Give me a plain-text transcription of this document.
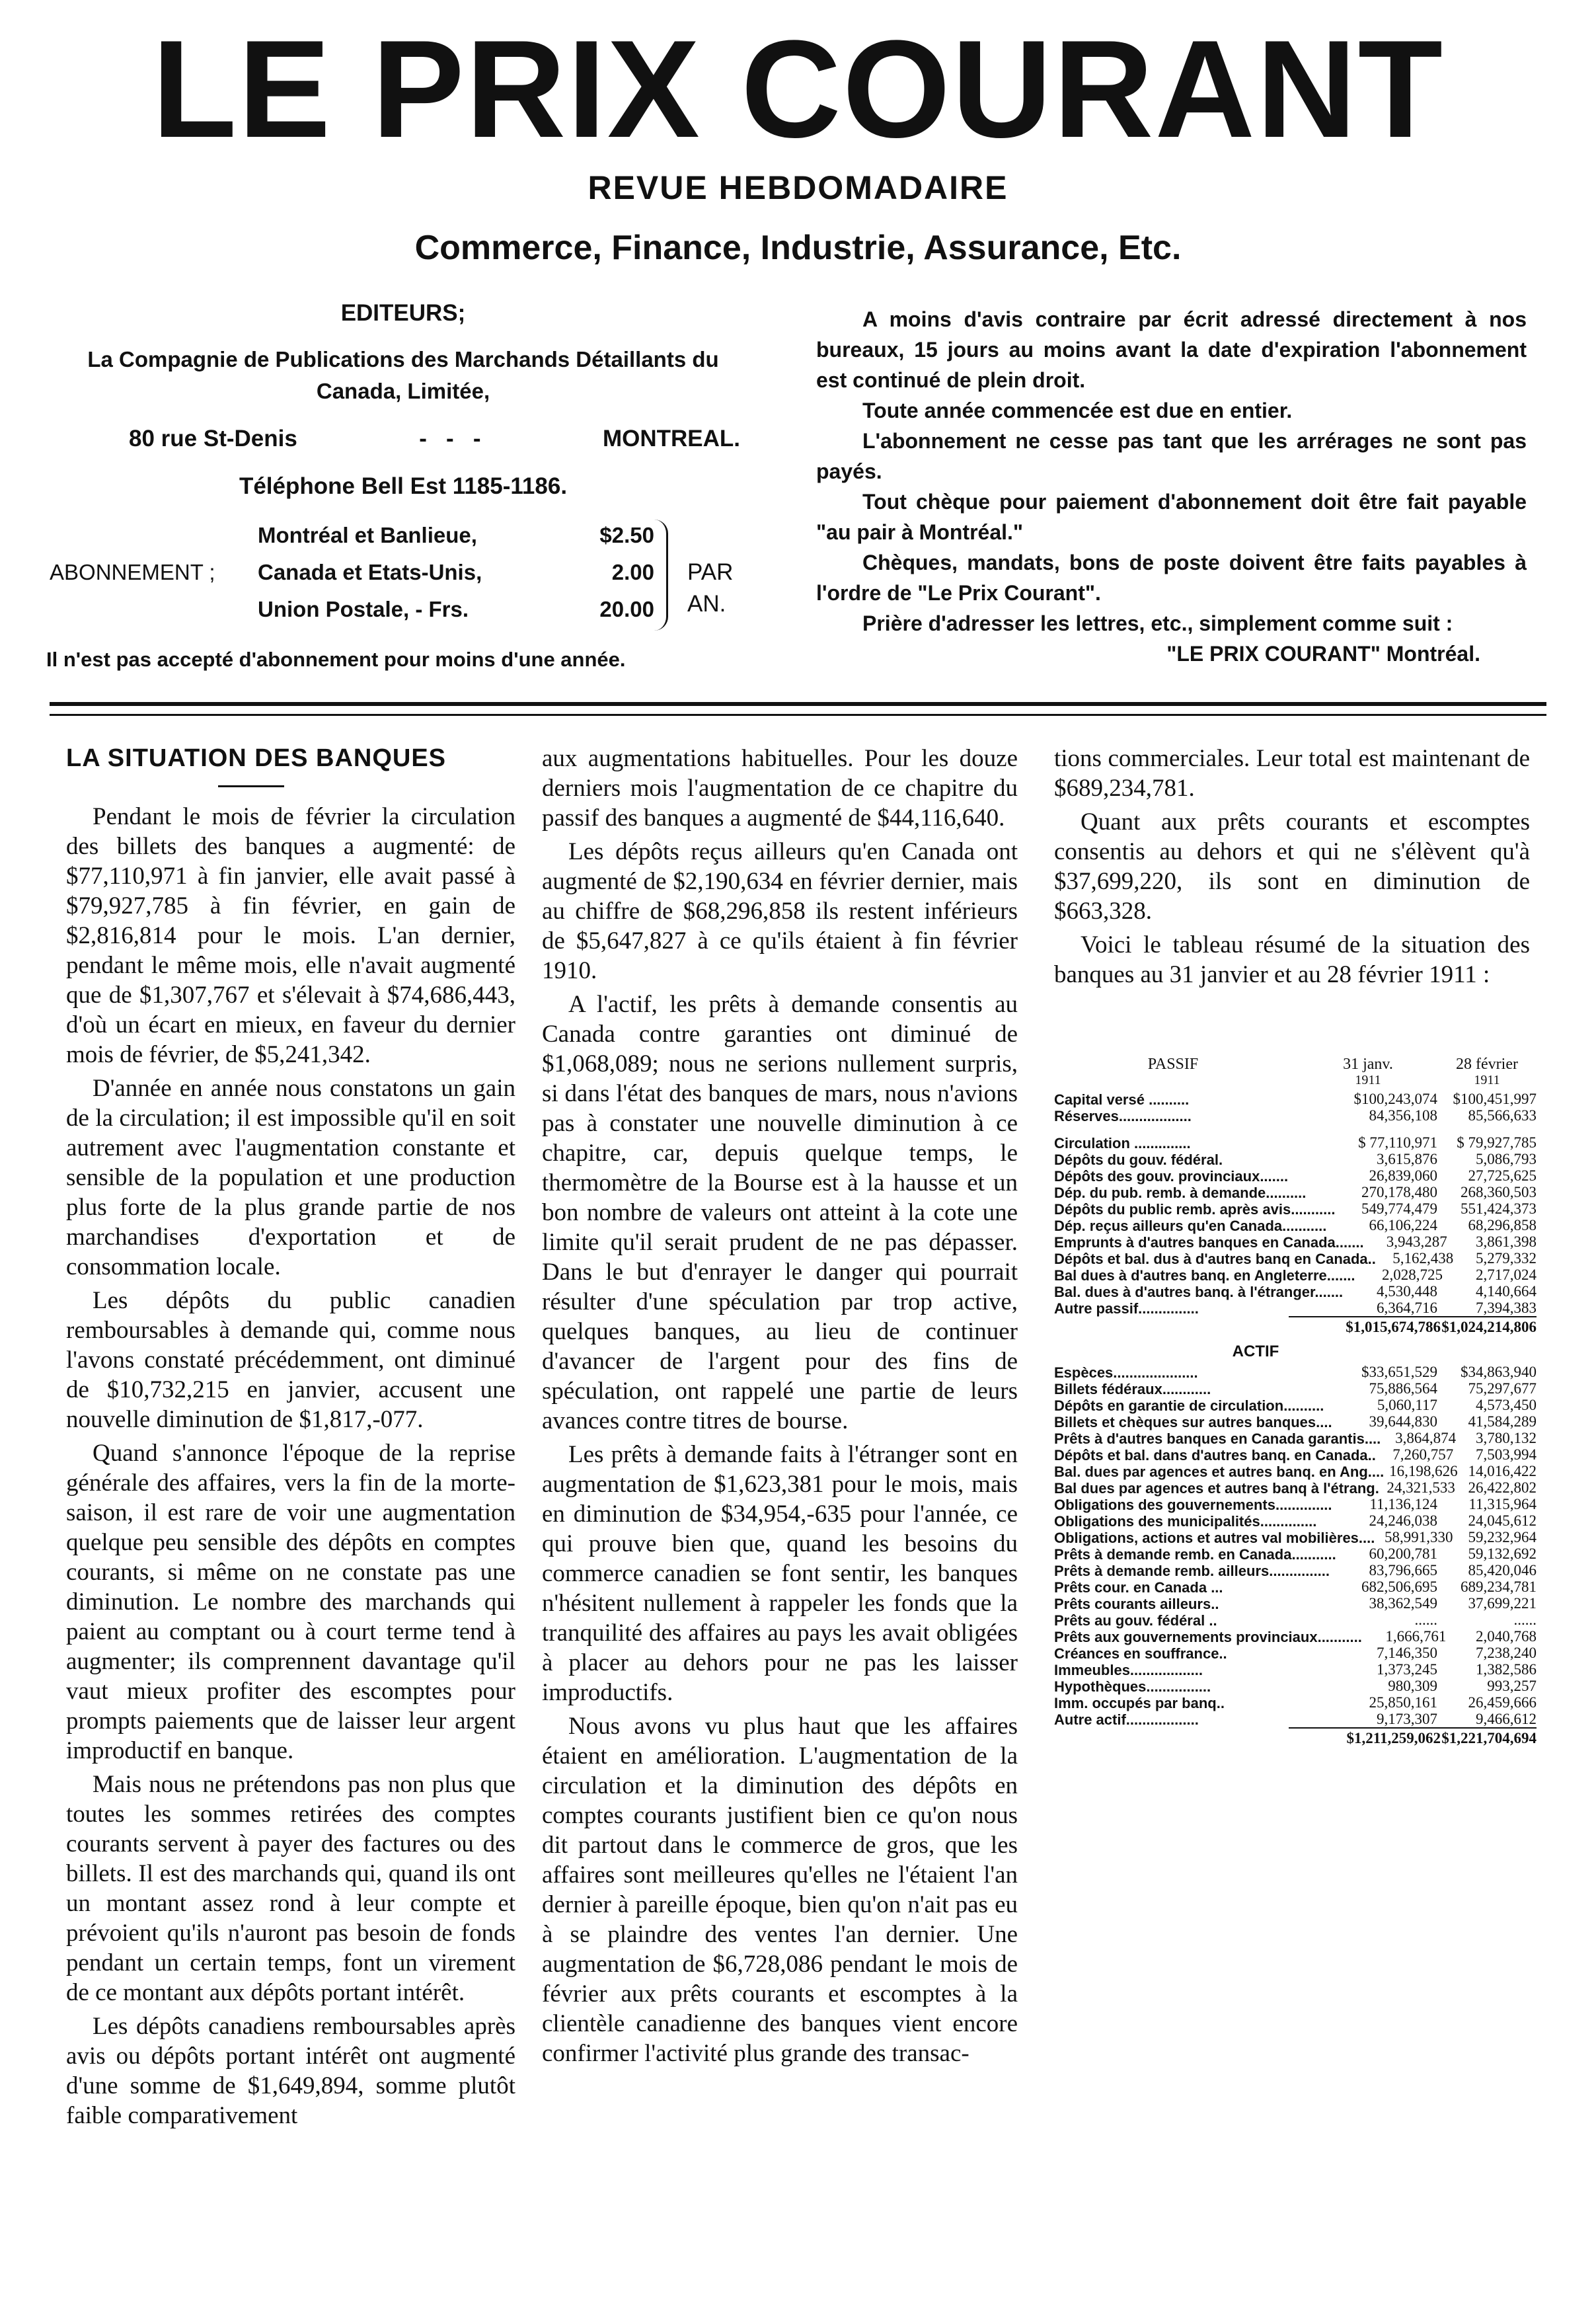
LE PRIX COURANT
REVUE HEBDOMADAIRE
Commerce, Finance, Industrie, Assurance, Etc.
EDITEURS;
La Compagnie de Publications des Marchands Détaillants du Canada, Limitée,
80 rue St-Denis	-   -   -	MONTREAL.
Téléphone Bell Est 1185-1186.
ABONNEMENT ;
Montréal et Banlieue,	$2.50
Canada et Etats-Unis,	2.00
Union Postale, - Frs.	20.00
PAR AN.
Il n'est pas accepté d'abonnement pour moins d'une année.

A moins d'avis contraire par écrit adressé directement à nos bureaux, 15 jours au moins avant la date d'expiration l'abonnement est continué de plein droit.

Toute année commencée est due en entier.

L'abonnement ne cesse pas tant que les arrérages ne sont pas payés.

Tout chèque pour paiement d'abonnement doit être fait payable "au pair à Montréal."

Chèques, mandats, bons de poste doivent être faits payables à l'ordre de "Le Prix Courant".

Prière d'adresser les lettres, etc., simplement comme suit :

"LE PRIX COURANT" Montréal.

LA SITUATION DES BANQUES

Pendant le mois de février la circulation des billets des banques a augmenté: de $77,110,971 à fin janvier, elle avait passé à $79,927,785 à fin février, en gain de $2,816,814 pour le mois. L'an dernier, pendant le même mois, elle n'avait augmenté que de $1,307,767 et s'élevait à $74,686,443, d'où un écart en mieux, en faveur du dernier mois de février, de $5,241,342.

D'année en année nous constatons un gain de la circulation; il est impossible qu'il en soit autrement avec l'augmentation constante et sensible de la population et une production plus forte de la plus grande partie de nos marchandises d'exportation et de consommation locale.

Les dépôts du public canadien remboursables à demande qui, comme nous l'avons constaté précédemment, ont diminué de $10,732,215 en janvier, accusent une nouvelle diminution de $1,817,-077.

Quand s'annonce l'époque de la reprise générale des affaires, vers la fin de la morte-saison, il est rare de voir une augmentation quelque peu sensible des dépôts en comptes courants, si même on ne constate pas une diminution. Le nombre des marchands qui paient au comptant ou à court terme tend à augmenter; ils comprennent davantage qu'il vaut mieux profiter des escomptes pour prompts paiements que de laisser leur argent improductif en banque.

Mais nous ne prétendons pas non plus que toutes les sommes retirées des comptes courants servent à payer des factures ou des billets. Il est des marchands qui, quand ils ont un montant assez rond à leur compte et prévoient qu'ils n'auront pas besoin de fonds pendant un certain temps, font un virement de ce montant aux dépôts portant intérêt.

Les dépôts canadiens remboursables après avis ou dépôts portant intérêt ont augmenté d'une somme de $1,649,894, somme plutôt faible comparativement

aux augmentations habituelles. Pour les douze derniers mois l'augmentation de ce chapitre du passif des banques a augmenté de $44,116,640.

Les dépôts reçus ailleurs qu'en Canada ont augmenté de $2,190,634 en février dernier, mais au chiffre de $68,296,858 ils restent inférieurs de $5,647,827 à ce qu'ils étaient à fin février 1910.

A l'actif, les prêts à demande consentis au Canada contre garanties ont diminué de $1,068,089; nous ne serions nullement surpris, si dans l'état des banques de mars, nous n'avions pas à constater une nouvelle diminution à ce chapitre, car, depuis quelque temps, le thermomètre de la Bourse est à la hausse et un bon nombre de valeurs ont atteint à la cote une limite qu'il serait prudent de ne pas dépasser. Dans le but d'enrayer le danger qui pourrait résulter d'une spéculation par trop active, quelques banques, au lieu de continuer d'avancer de l'argent pour des fins de spéculation, ont rappelé une partie de leurs avances contre titres de bourse.

Les prêts à demande faits à l'étranger sont en augmentation de $1,623,381 pour le mois, mais en diminution de $34,954,-635 pour l'année, ce qui prouve bien que, quand les besoins du commerce canadien se font sentir, les banques n'hésitent nullement à rappeler les fonds que la tranquilité des affaires au pays les avait obligées à placer au dehors pour ne pas les laisser improductifs.

Nous avons vu plus haut que les affaires étaient en amélioration. L'augmentation de la circulation et la diminution des dépôts en comptes courants justifient bien ce qu'on nous dit partout dans le commerce de gros, que les affaires sont meilleures qu'elles ne l'étaient l'an dernier à pareille époque, bien qu'on n'ait pas eu à se plaindre des ventes l'an dernier. Une augmentation de $6,728,086 pendant le mois de février aux prêts courants et escomptes à la clientèle canadienne des banques vient encore confirmer l'activité plus grande des transac-

tions commerciales. Leur total est maintenant de $689,234,781.

Quant aux prêts courants et escomptes consentis au dehors et qui ne s'élèvent qu'à $37,699,220, ils sont en diminution de $663,328.

Voici le tableau résumé de la situation des banques au 31 janvier et au 28 février 1911 :

PASSIF	31 janv.
1911
28 février
1911
Capital versé ..........	$100,243,074	$100,451,997
Réserves..................	84,356,108	85,566,633
Circulation ..............	$ 77,110,971	$ 79,927,785
Dépôts du gouv. fédéral.	3,615,876	5,086,793
Dépôts des gouv. provinciaux.......	26,839,060	27,725,625
Dép. du pub. remb. à demande..........	270,178,480	268,360,503
Dépôts du public remb. après avis...........	549,774,479	551,424,373
Dép. reçus ailleurs qu'en Canada...........	66,106,224	68,296,858
Emprunts à d'autres banques en Canada.......	3,943,287	3,861,398
Dépôts et bal. dus à d'autres banq en Canada..	5,162,438	5,279,332
Bal dues à d'autres banq. en Angleterre.......	2,028,725	2,717,024
Bal. dues à d'autres banq. à l'étranger.......	4,530,448	4,140,664
Autre passif...............	6,364,716	7,394,383
$1,015,674,786 $1,024,214,806
ACTIF
Espèces.....................	$33,651,529	$34,863,940
Billets fédéraux............	75,886,564	75,297,677
Dépôts en garantie de circulation..........	5,060,117	4,573,450
Billets et chèques sur autres banques....	39,644,830	41,584,289
Prêts à d'autres banques en Canada garantis.... 3,864,874	3,780,132
Dépôts et bal. dans d'autres banq. en Canada..	7,260,757	7,503,994
Bal. dues par agences et autres banq. en Ang.... 16,198,626 14,016,422
Bal dues par agences et autres banq à l'étrang. 24,321,533 26,422,802
Obligations des gouvernements..............	11,136,124	11,315,964
Obligations des municipalités..............	24,246,038	24,045,612
Obligations, actions et autres val mobilières.... 58,991,330	59,232,964
Prêts à demande remb. en Canada...........	60,200,781	59,132,692
Prêts à demande remb. ailleurs...............	83,796,665	85,420,046
Prêts cour. en Canada ...	682,506,695	689,234,781
Prêts courants ailleurs..	38,362,549	37,699,221
Prêts au gouv. fédéral ..	......	......
Prêts aux gouvernements provinciaux...........	1,666,761	2,040,768
Créances en souffrance..	7,146,350	7,238,240
Immeubles..................	1,373,245	1,382,586
Hypothèques................	980,309	993,257
Imm. occupés par banq..	25,850,161	26,459,666
Autre actif..................	9,173,307	9,466,612
$1,211,259,062 $1,221,704,694
